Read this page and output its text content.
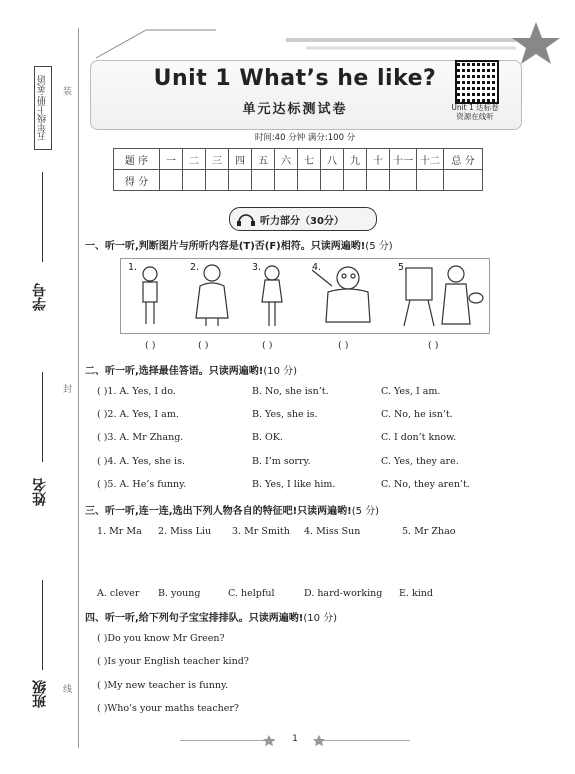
五年级上册·英语	装
封
线
学号
姓名
班级
Unit 1 What’s he like?
单元达标测试卷	Unit 1 达标卷
资源在线听
时间:40 分钟 满分:100 分
题 序	一	二	三	四	五	六	七	八	九	十	十一	十二	总 分
得 分													
听力部分（30分）
一、听一听,判断图片与所听内容是(T)否(F)相符。只读两遍哟!(5 分)
1.	2.	3.	4.	5.
( )	( )	( )	( )	( )
二、听一听,选择最佳答语。只读两遍哟!(10 分)
( )1. A. Yes, I do.	B. No, she isn’t.	C. Yes, I am.
( )2. A. Yes, I am.	B. Yes, she is.	C. No, he isn’t.
( )3. A. Mr Zhang.	B. OK.	C. I don’t know.
( )4. A. Yes, she is.	B. I’m sorry.	C. Yes, they are.
( )5. A. He’s funny.	B. Yes, I like him.	C. No, they aren’t.
三、听一听,连一连,选出下列人物各自的特征吧!只读两遍哟!(5 分)
1. Mr Ma 2. Miss Liu 3. Mr Smith 4. Miss Sun	5. Mr Zhao
A. clever B. young	C. helpful	D. hard-working E. kind
四、听一听,给下列句子宝宝排排队。只读两遍哟!(10 分)
( )Do you know Mr Green?
( )Is your English teacher kind?
( )My new teacher is funny.
( )Who’s your maths teacher?
1
